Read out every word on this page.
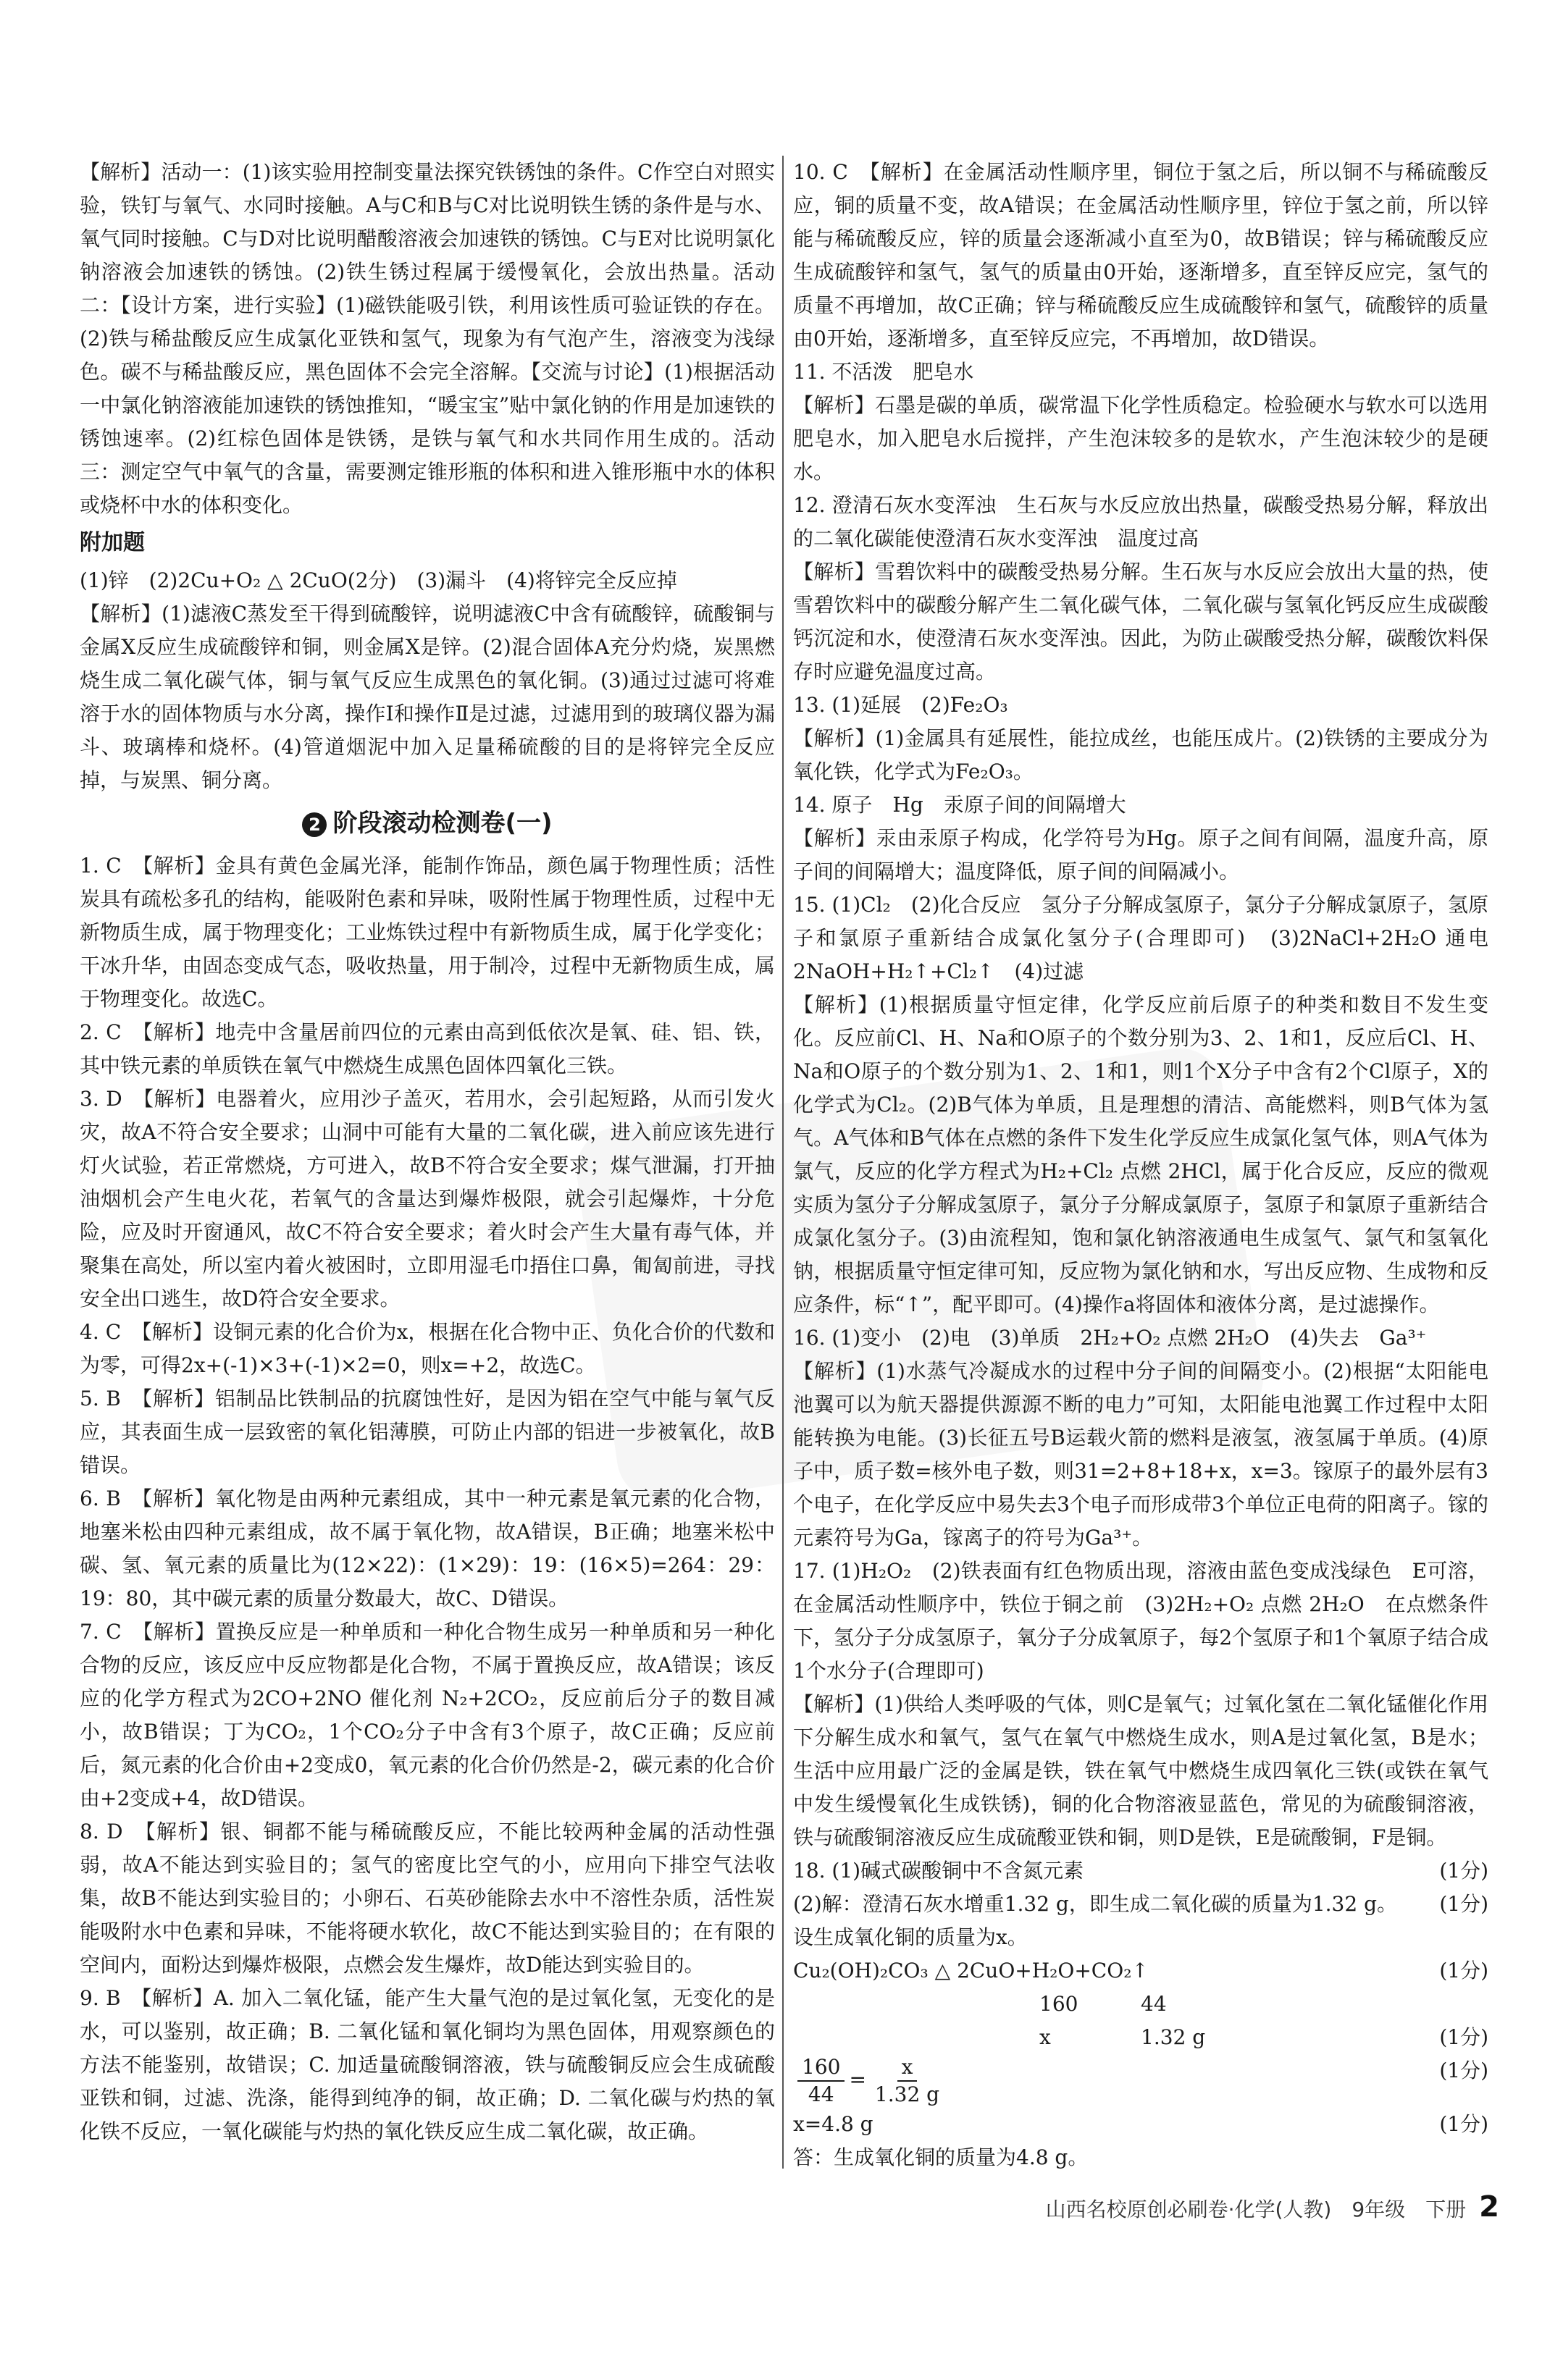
【解析】活动一：(1)该实验用控制变量法探究铁锈蚀的条件。C作空白对照实验，铁钉与氧气、水同时接触。A与C和B与C对比说明铁生锈的条件是与水、氧气同时接触。C与D对比说明醋酸溶液会加速铁的锈蚀。C与E对比说明氯化钠溶液会加速铁的锈蚀。(2)铁生锈过程属于缓慢氧化，会放出热量。活动二：【设计方案，进行实验】(1)磁铁能吸引铁，利用该性质可验证铁的存在。(2)铁与稀盐酸反应生成氯化亚铁和氢气，现象为有气泡产生，溶液变为浅绿色。碳不与稀盐酸反应，黑色固体不会完全溶解。【交流与讨论】(1)根据活动一中氯化钠溶液能加速铁的锈蚀推知，“暖宝宝”贴中氯化钠的作用是加速铁的锈蚀速率。(2)红棕色固体是铁锈，是铁与氧气和水共同作用生成的。活动三：测定空气中氧气的含量，需要测定锥形瓶的体积和进入锥形瓶中水的体积或烧杯中水的体积变化。

附加题

(1)锌　(2)2Cu+O₂ △ 2CuO(2分)　(3)漏斗　(4)将锌完全反应掉

【解析】(1)滤液C蒸发至干得到硫酸锌，说明滤液C中含有硫酸锌，硫酸铜与金属X反应生成硫酸锌和铜，则金属X是锌。(2)混合固体A充分灼烧，炭黑燃烧生成二氧化碳气体，铜与氧气反应生成黑色的氧化铜。(3)通过过滤可将难溶于水的固体物质与水分离，操作Ⅰ和操作Ⅱ是过滤，过滤用到的玻璃仪器为漏斗、玻璃棒和烧杯。(4)管道烟泥中加入足量稀硫酸的目的是将锌完全反应掉，与炭黑、铜分离。

2 阶段滚动检测卷(一)

1. C　【解析】金具有黄色金属光泽，能制作饰品，颜色属于物理性质；活性炭具有疏松多孔的结构，能吸附色素和异味，吸附性属于物理性质，过程中无新物质生成，属于物理变化；工业炼铁过程中有新物质生成，属于化学变化；干冰升华，由固态变成气态，吸收热量，用于制冷，过程中无新物质生成，属于物理变化。故选C。

2. C　【解析】地壳中含量居前四位的元素由高到低依次是氧、硅、铝、铁，其中铁元素的单质铁在氧气中燃烧生成黑色固体四氧化三铁。

3. D　【解析】电器着火，应用沙子盖灭，若用水，会引起短路，从而引发火灾，故A不符合安全要求；山洞中可能有大量的二氧化碳，进入前应该先进行灯火试验，若正常燃烧，方可进入，故B不符合安全要求；煤气泄漏，打开抽油烟机会产生电火花，若氧气的含量达到爆炸极限，就会引起爆炸，十分危险，应及时开窗通风，故C不符合安全要求；着火时会产生大量有毒气体，并聚集在高处，所以室内着火被困时，立即用湿毛巾捂住口鼻，匍匐前进，寻找安全出口逃生，故D符合安全要求。

4. C　【解析】设铜元素的化合价为x，根据在化合物中正、负化合价的代数和为零，可得2x+(-1)×3+(-1)×2=0，则x=+2，故选C。

5. B　【解析】铝制品比铁制品的抗腐蚀性好，是因为铝在空气中能与氧气反应，其表面生成一层致密的氧化铝薄膜，可防止内部的铝进一步被氧化，故B错误。

6. B　【解析】氧化物是由两种元素组成，其中一种元素是氧元素的化合物，地塞米松由四种元素组成，故不属于氧化物，故A错误，B正确；地塞米松中碳、氢、氧元素的质量比为(12×22)：(1×29)：19：(16×5)=264：29：19：80，其中碳元素的质量分数最大，故C、D错误。

7. C　【解析】置换反应是一种单质和一种化合物生成另一种单质和另一种化合物的反应，该反应中反应物都是化合物，不属于置换反应，故A错误；该反应的化学方程式为2CO+2NO 催化剂 N₂+2CO₂，反应前后分子的数目减小，故B错误；丁为CO₂，1个CO₂分子中含有3个原子，故C正确；反应前后，氮元素的化合价由+2变成0，氧元素的化合价仍然是-2，碳元素的化合价由+2变成+4，故D错误。

8. D　【解析】银、铜都不能与稀硫酸反应，不能比较两种金属的活动性强弱，故A不能达到实验目的；氢气的密度比空气的小，应用向下排空气法收集，故B不能达到实验目的；小卵石、石英砂能除去水中不溶性杂质，活性炭能吸附水中色素和异味，不能将硬水软化，故C不能达到实验目的；在有限的空间内，面粉达到爆炸极限，点燃会发生爆炸，故D能达到实验目的。

9. B　【解析】A. 加入二氧化锰，能产生大量气泡的是过氧化氢，无变化的是水，可以鉴别，故正确；B. 二氧化锰和氧化铜均为黑色固体，用观察颜色的方法不能鉴别，故错误；C. 加适量硫酸铜溶液，铁与硫酸铜反应会生成硫酸亚铁和铜，过滤、洗涤，能得到纯净的铜，故正确；D. 二氧化碳与灼热的氧化铁不反应，一氧化碳能与灼热的氧化铁反应生成二氧化碳，故正确。

10. C　【解析】在金属活动性顺序里，铜位于氢之后，所以铜不与稀硫酸反应，铜的质量不变，故A错误；在金属活动性顺序里，锌位于氢之前，所以锌能与稀硫酸反应，锌的质量会逐渐减小直至为0，故B错误；锌与稀硫酸反应生成硫酸锌和氢气，氢气的质量由0开始，逐渐增多，直至锌反应完，氢气的质量不再增加，故C正确；锌与稀硫酸反应生成硫酸锌和氢气，硫酸锌的质量由0开始，逐渐增多，直至锌反应完，不再增加，故D错误。

11. 不活泼　肥皂水

【解析】石墨是碳的单质，碳常温下化学性质稳定。检验硬水与软水可以选用肥皂水，加入肥皂水后搅拌，产生泡沫较多的是软水，产生泡沫较少的是硬水。

12. 澄清石灰水变浑浊　生石灰与水反应放出热量，碳酸受热易分解，释放出的二氧化碳能使澄清石灰水变浑浊　温度过高

【解析】雪碧饮料中的碳酸受热易分解。生石灰与水反应会放出大量的热，使雪碧饮料中的碳酸分解产生二氧化碳气体，二氧化碳与氢氧化钙反应生成碳酸钙沉淀和水，使澄清石灰水变浑浊。因此，为防止碳酸受热分解，碳酸饮料保存时应避免温度过高。

13. (1)延展　(2)Fe₂O₃

【解析】(1)金属具有延展性，能拉成丝，也能压成片。(2)铁锈的主要成分为氧化铁，化学式为Fe₂O₃。

14. 原子　Hg　汞原子间的间隔增大

【解析】汞由汞原子构成，化学符号为Hg。原子之间有间隔，温度升高，原子间的间隔增大；温度降低，原子间的间隔减小。

15. (1)Cl₂　(2)化合反应　氢分子分解成氢原子，氯分子分解成氯原子，氢原子和氯原子重新结合成氯化氢分子(合理即可)　(3)2NaCl+2H₂O 通电 2NaOH+H₂↑+Cl₂↑　(4)过滤

【解析】(1)根据质量守恒定律，化学反应前后原子的种类和数目不发生变化。反应前Cl、H、Na和O原子的个数分别为3、2、1和1，反应后Cl、H、Na和O原子的个数分别为1、2、1和1，则1个X分子中含有2个Cl原子，X的化学式为Cl₂。(2)B气体为单质，且是理想的清洁、高能燃料，则B气体为氢气。A气体和B气体在点燃的条件下发生化学反应生成氯化氢气体，则A气体为氯气，反应的化学方程式为H₂+Cl₂ 点燃 2HCl，属于化合反应，反应的微观实质为氢分子分解成氢原子，氯分子分解成氯原子，氢原子和氯原子重新结合成氯化氢分子。(3)由流程知，饱和氯化钠溶液通电生成氢气、氯气和氢氧化钠，根据质量守恒定律可知，反应物为氯化钠和水，写出反应物、生成物和反应条件，标“↑”，配平即可。(4)操作a将固体和液体分离，是过滤操作。

16. (1)变小　(2)电　(3)单质　2H₂+O₂ 点燃 2H₂O　(4)失去　Ga³⁺

【解析】(1)水蒸气冷凝成水的过程中分子间的间隔变小。(2)根据“太阳能电池翼可以为航天器提供源源不断的电力”可知，太阳能电池翼工作过程中太阳能转换为电能。(3)长征五号B运载火箭的燃料是液氢，液氢属于单质。(4)原子中，质子数=核外电子数，则31=2+8+18+x，x=3。镓原子的最外层有3个电子，在化学反应中易失去3个电子而形成带3个单位正电荷的阳离子。镓的元素符号为Ga，镓离子的符号为Ga³⁺。

17. (1)H₂O₂　(2)铁表面有红色物质出现，溶液由蓝色变成浅绿色　E可溶，在金属活动性顺序中，铁位于铜之前　(3)2H₂+O₂ 点燃 2H₂O　在点燃条件下，氢分子分成氢原子，氧分子分成氧原子，每2个氢原子和1个氧原子结合成1个水分子(合理即可)

【解析】(1)供给人类呼吸的气体，则C是氧气；过氧化氢在二氧化锰催化作用下分解生成水和氧气，氢气在氧气中燃烧生成水，则A是过氧化氢，B是水；生活中应用最广泛的金属是铁，铁在氧气中燃烧生成四氧化三铁(或铁在氧气中发生缓慢氧化生成铁锈)，铜的化合物溶液显蓝色，常见的为硫酸铜溶液，铁与硫酸铜溶液反应生成硫酸亚铁和铜，则D是铁，E是硫酸铜，F是铜。

18. (1)碱式碳酸铜中不含氮元素	(1分)
(2)解：澄清石灰水增重1.32 g，即生成二氧化碳的质量为1.32 g。 (1分)

设生成氧化铜的质量为x。

Cu₂(OH)₂CO₃ △ 2CuO+H₂O+CO₂↑	(1分)
160	44
x	1.32 g	(1分)
$\frac{160}{44} = \frac{x}{1.32 g}$	(1分)
x=4.8 g	(1分)

答：生成氧化铜的质量为4.8 g。

山西名校原创必刷卷·化学(人教)　9年级　下册 2
